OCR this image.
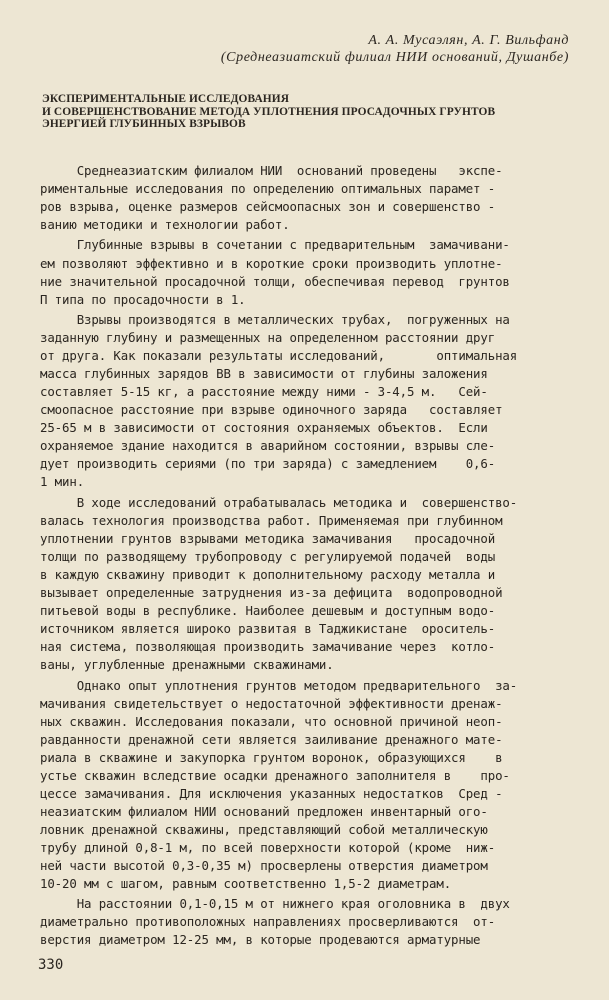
А. А. Мусаэлян, А. Г. Вильфанд
(Среднеазиатский филиал НИИ оснований, Душанбе)
ЭКСПЕРИМЕНТАЛЬНЫЕ ИССЛЕДОВАНИЯ
И СОВЕРШЕНСТВОВАНИЕ МЕТОДА УПЛОТНЕНИЯ ПРОСАДОЧНЫХ ГРУНТОВ
ЭНЕРГИЕЙ ГЛУБИННЫХ ВЗРЫВОВ
Среднеазиатским филиалом НИИ  оснований проведены   экспе-
риментальные исследования по определению оптимальных парамет -
ров взрыва, оценке размеров сейсмоопасных зон и совершенство -
ванию методики и технологии работ.
Глубинные взрывы в сочетании с предварительным  замачивани-
ем позволяют эффективно и в короткие сроки производить уплотне-
ние значительной просадочной толщи, обеспечивая перевод  грунтов
П типа по просадочности в 1.
Взрывы производятся в металлических трубах,  погруженных на
заданную глубину и размещенных на определенном расстоянии друг
от друга. Как показали результаты исследований,       оптимальная
масса глубинных зарядов ВВ в зависимости от глубины заложения
составляет 5-15 кг, а расстояние между ними - 3-4,5 м.   Сей-
смоопасное расстояние при взрыве одиночного заряда   составляет
25-65 м в зависимости от состояния охраняемых объектов.  Если
охраняемое здание находится в аварийном состоянии, взрывы сле-
дует производить сериями (по три заряда) с замедлением    0,6-
1 мин.
В ходе исследований отрабатывалась методика и  совершенство-
валась технология производства работ. Применяемая при глубинном
уплотнении грунтов взрывами методика замачивания   просадочной
толщи по разводящему трубопроводу с регулируемой подачей  воды
в каждую скважину приводит к дополнительному расходу металла и
вызывает определенные затруднения из-за дефицита  водопроводной
питьевой воды в республике. Наиболее дешевым и доступным водо-
источником является широко развитая в Таджикистане  ороситель-
ная система, позволяющая производить замачивание через  котло-
ваны, углубленные дренажными скважинами.
Однако опыт уплотнения грунтов методом предварительного  за-
мачивания свидетельствует о недостаточной эффективности дренаж-
ных скважин. Исследования показали, что основной причиной неоп-
равданности дренажной сети является заиливание дренажного мате-
риала в скважине и закупорка грунтом воронок, образующихся    в
устье скважин вследствие осадки дренажного заполнителя в    про-
цессе замачивания. Для исключения указанных недостатков  Сред -
неазиатским филиалом НИИ оснований предложен инвентарный ого-
ловник дренажной скважины, представляющий собой металлическую
трубу длиной 0,8-1 м, по всей поверхности которой (кроме  ниж-
ней части высотой 0,3-0,35 м) просверлены отверстия диаметром
10-20 мм с шагом, равным соответственно 1,5-2 диаметрам.
На расстоянии 0,1-0,15 м от нижнего края оголовника в  двух
диаметрально противоположных направлениях просверливаются  от-
верстия диаметром 12-25 мм, в которые продеваются арматурные
330
